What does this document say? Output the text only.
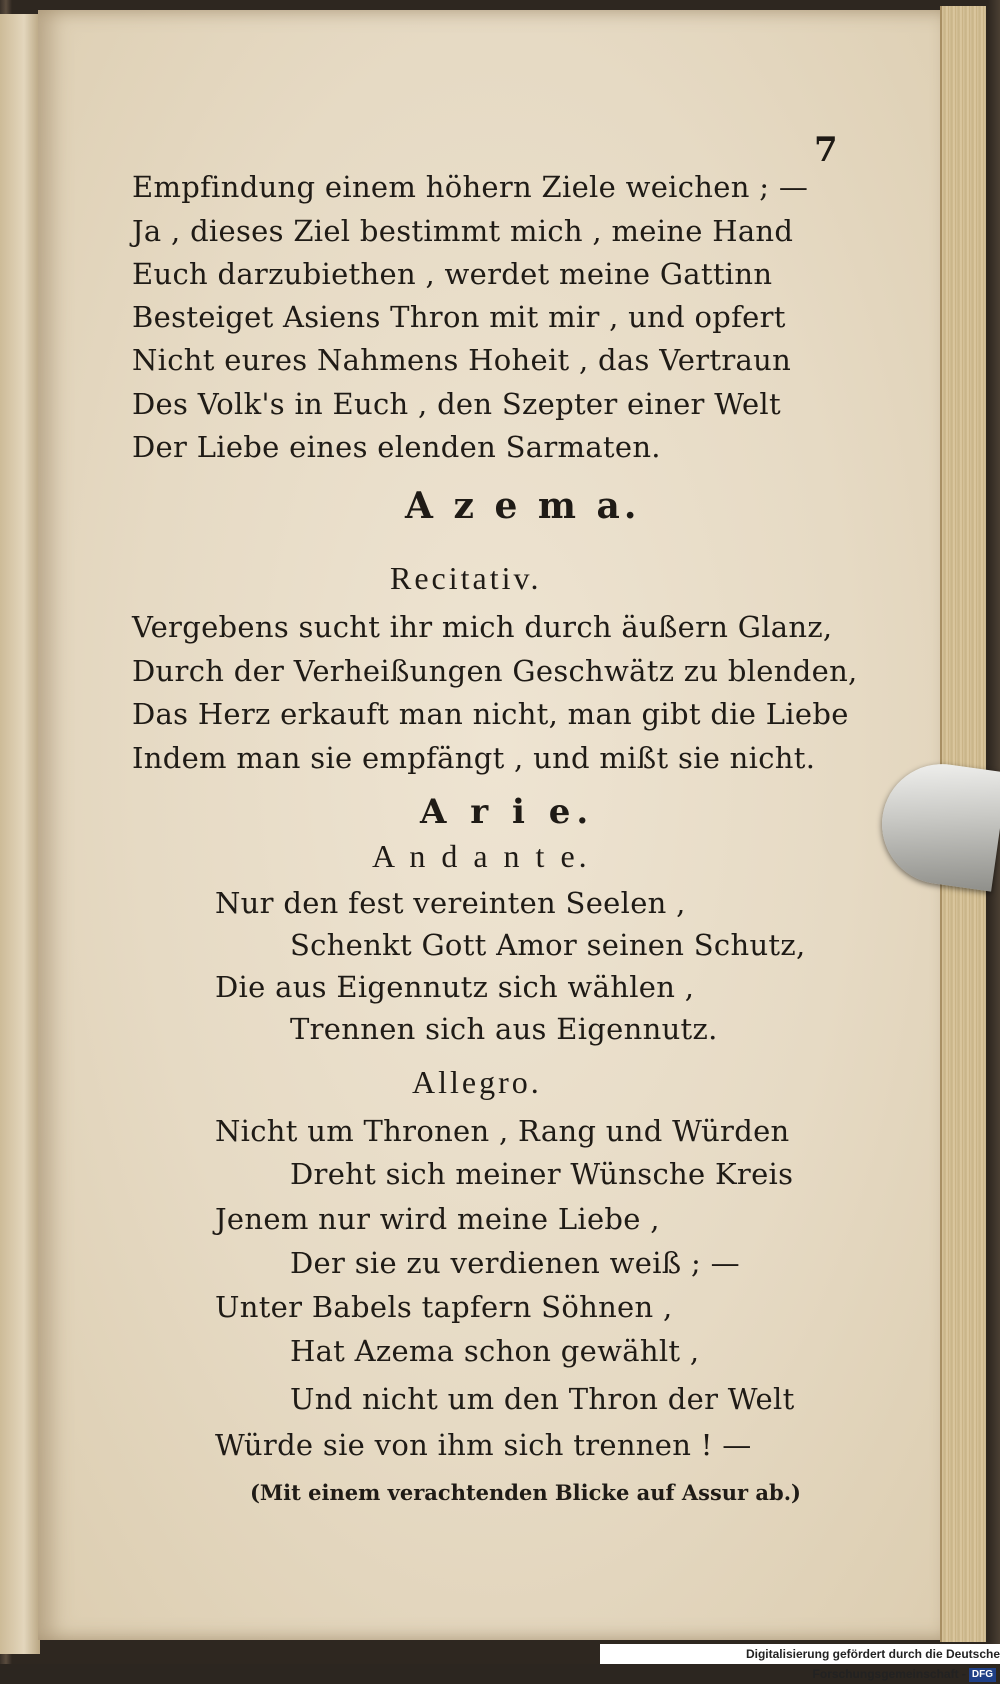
7

Empfindung einem höhern Ziele weichen ; —

Ja , dieses Ziel bestimmt mich , meine Hand

Euch darzubiethen , werdet meine Gattinn

Besteiget Asiens Thron mit mir , und opfert

Nicht eures Nahmens Hoheit , das Vertraun

Des Volk's in Euch , den Szepter einer Welt

Der Liebe eines elenden Sarmaten.

A z e m a.

Recitativ.

Vergebens sucht ihr mich durch äußern Glanz,

Durch der Verheißungen Geschwätz zu blenden,

Das Herz erkauft man nicht, man gibt die Liebe

Indem man sie empfängt , und mißt sie nicht.

A r i e.

A n d a n t e.

Nur den fest vereinten Seelen ,

Schenkt Gott Amor seinen Schutz,

Die aus Eigennutz sich wählen ,

Trennen sich aus Eigennutz.

Allegro.

Nicht um Thronen , Rang und Würden

Dreht sich meiner Wünsche Kreis

Jenem nur wird meine Liebe ,

Der sie zu verdienen weiß ; —

Unter Babels tapfern Söhnen ,

Hat Azema schon gewählt ,

Und nicht um den Thron der Welt

Würde sie von ihm sich trennen ! —

(Mit einem verachtenden Blicke auf Assur ab.)

Digitalisierung gefördert durch die Deutsche Forschungsgemeinschaft - DFG
